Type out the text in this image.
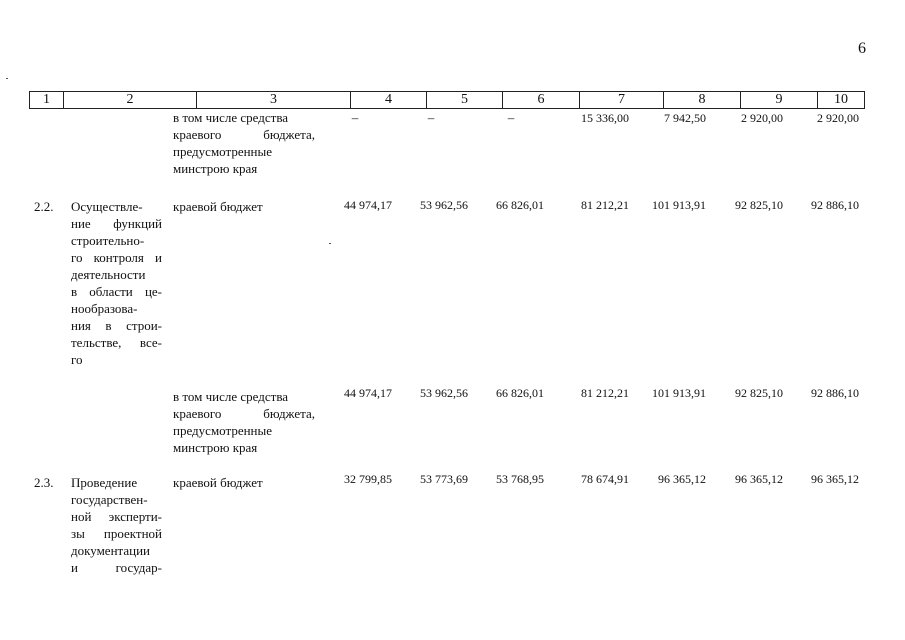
6
1	2	3	4	5	6	7	8	9	10
в том числе средства
краевого бюджета,
предусмотренные
минстрою края
–	–	–	15 336,00	7 942,50	2 920,00	2 920,00
2.2. Осуществле-
ние функций
строительно-
го контроля и
деятельности
в области це-
нообразова-
ния в строи-
тельстве, все-
го
краевой бюджет	44 974,17	53 962,56	66 826,01	81 212,21	101 913,91	92 825,10	92 886,10
в том числе средства
краевого бюджета,
предусмотренные
минстрою края
44 974,17	53 962,56	66 826,01	81 212,21	101 913,91	92 825,10	92 886,10
2.3. Проведение
государствен-
ной эксперти-
зы проектной
документации
и государ-
краевой бюджет	32 799,85	53 773,69	53 768,95	78 674,91	96 365,12	96 365,12	96 365,12
